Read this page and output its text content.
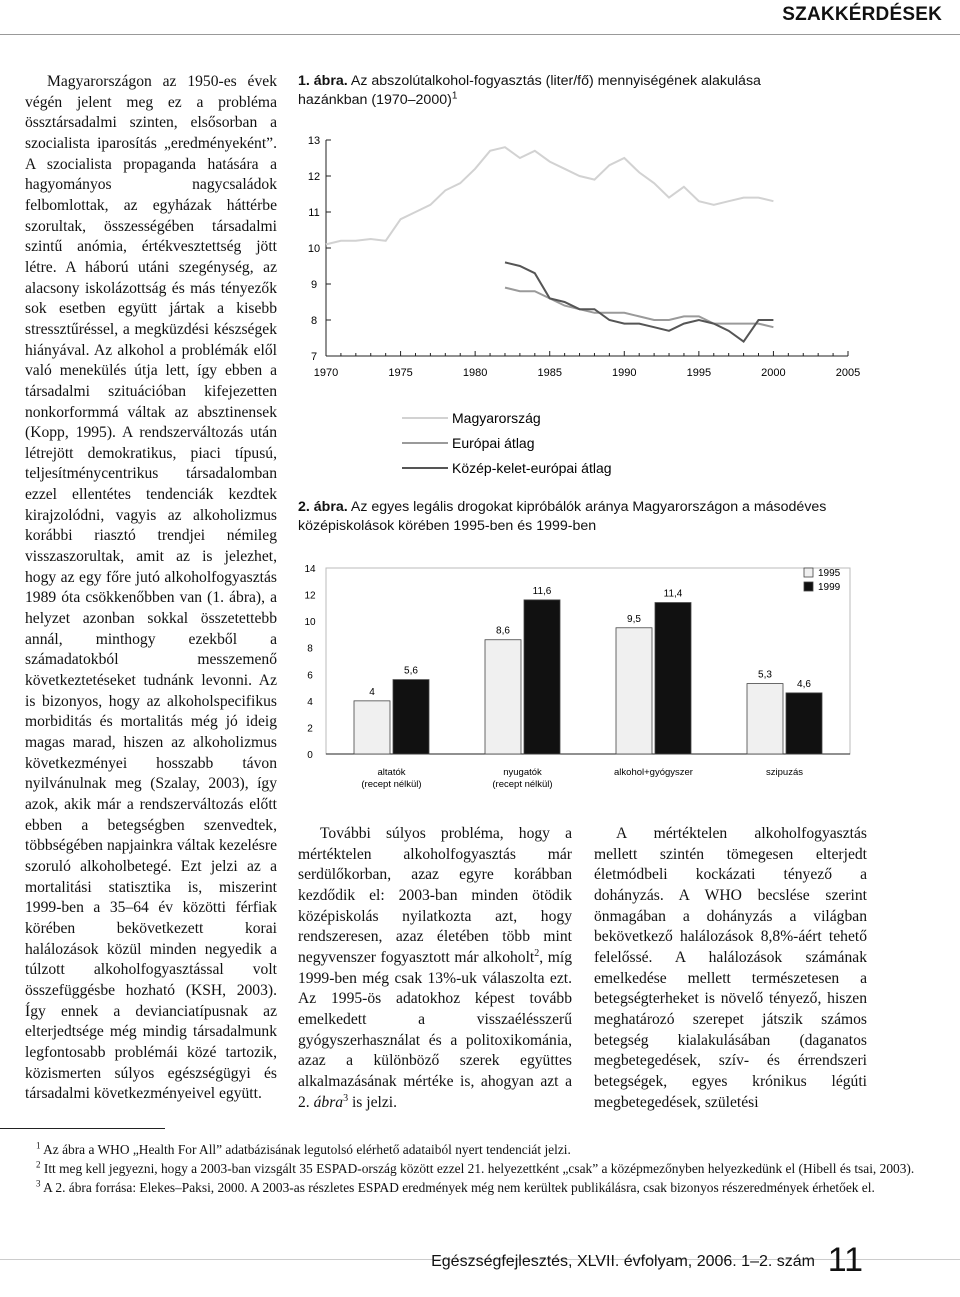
SZAKKÉRDÉSEK

Magyarországon az 1950-es évek végén jelent meg ez a probléma össztársadalmi szinten, elsősorban a szocialista iparosítás „eredményeként”. A szocialista propaganda hatására a hagyományos nagycsaládok felbomlottak, az egyházak háttérbe szorultak, összességében társadalmi szintű anómia, értékvesztettség jött létre. A háború utáni szegénység, az alacsony iskolázottság és más tényezők sok esetben együtt jártak a kisebb stressztűréssel, a megküzdési készségek hiányával. Az alkohol a problémák elől való menekülés útja lett, így ebben a társadalmi szituációban kifejezetten nonkorformmá váltak az absztinensek (Kopp, 1995). A rendszerváltozás után létrejött demokratikus, piaci típusú, teljesítménycentrikus társadalomban ezzel ellentétes tendenciák kezdtek kirajzolódni, vagyis az alkoholizmus korábbi riasztó trendjei némileg visszaszorultak, amit az is jelezhet, hogy az egy főre jutó alkoholfogyasztás 1989 óta csökkenőbben van (1. ábra), a helyzet azonban sokkal összetettebb annál, minthogy ezekből a számadatokból messzemenő következtetéseket tudnánk levonni. Az is bizonyos, hogy az alkoholspecifikus morbiditás és mortalitás még jó ideig magas marad, hiszen az alkoholizmus következményei hosszabb távon nyilvánulnak meg (Szalay, 2003), így azok, akik már a rendszerváltozás előtt ebben a betegségben szenvedtek, többségében napjainkra váltak kezelésre szoruló alkoholbetegé. Ezt jelzi az a mortalitási statisztika is, miszerint 1999-ben a 35–64 év közötti férfiak körében bekövetkezett korai halálozások közül minden negyedik a túlzott alkoholfogyasztással volt összefüggésbe hozható (KSH, 2003). Így ennek a devianciatípusnak az elterjedtsége még mindig társadalmunk legfontosabb problémái közé tartozik, közismerten súlyos egészségügyi és társadalmi következményeivel együtt.

1. ábra. Az abszolútalkohol-fogyasztás (liter/fő) mennyiségének alakulása hazánkban (1970–2000)$^1$
7
8
9
10
11
12
13
1970	1975	1980	1985	1990	1995	2000	2005
Magyarország
Európai átlag
Közép-kelet-európai átlag
2. ábra. Az egyes legális drogokat kipróbálók aránya Magyarországon a másodéves középiskolások körében 1995-ben és 1999-ben
0
2
4
6
8
10
12
14
4
8,6
9,5
5,3
5,6
11,6	11,4
4,6
altatók
(recept nélkül)
nyugatók
(recept nélkül)
alkohol+gyógyszer	szipuzás
1995
1999

További súlyos probléma, hogy a mértéktelen alkoholfogyasztás már serdülőkorban, azaz egyre korábban kezdődik el: 2003-ban minden ötödik középiskolás nyilatkozta azt, hogy rendszeresen, azaz életében több mint negyvenszer fogyasztott már alkoholt$^2$, míg 1999-ben még csak 13%-uk válaszolta ezt. Az 1995-ös adatokhoz képest tovább emelkedett a visszaélésszerű gyógyszerhasználat és a politoxikománia, azaz a különböző szerek együttes alkalmazásának mértéke is, ahogyan azt a 2. ábra$^3$ is jelzi.

A mértéktelen alkoholfogyasztás mellett szintén tömegesen elterjedt életmódbeli kockázati tényező a dohányzás. A WHO becslése szerint önmagában a dohányzás a világban bekövetkező halálozások 8,8%-áért tehető felelőssé. A halálozások számának emelkedése mellett természetesen a betegségterheket is növelő tényező, hiszen meghatározó szerepet játszik számos betegség kialakulásában (daganatos megbetegedések, szív- és érrendszeri betegségek, egyes krónikus légúti megbetegedések, születési

$^1$ Az ábra a WHO „Health For All” adatbázisának legutolsó elérhető adataiból nyert tendenciát jelzi.

$^2$ Itt meg kell jegyezni, hogy a 2003-ban vizsgált 35 ESPAD-ország között ezzel 21. helyezettként „csak” a középmezőnyben helyezkedünk el (Hibell és tsai, 2003).

$^3$ A 2. ábra forrása: Elekes–Paksi, 2000. A 2003-as részletes ESPAD eredmények még nem kerültek publikálásra, csak bizonyos részeredmények érhetőek el.

Egészségfejlesztés, XLVII. évfolyam, 2006. 1–2. szám 11
